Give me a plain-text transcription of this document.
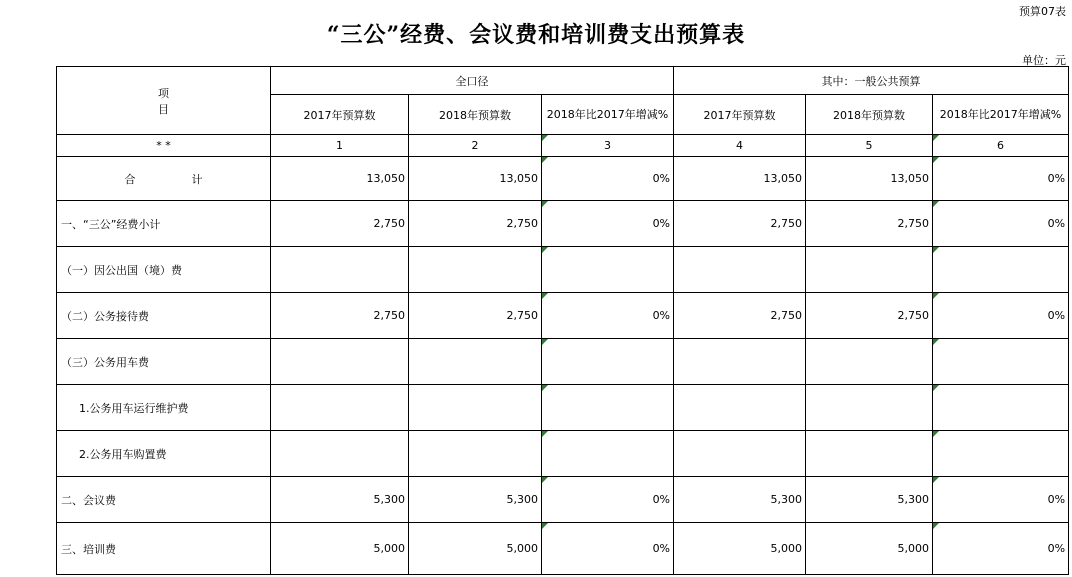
预算07表
“三公”经费、会议费和培训费支出预算表
单位：元
项
目	全口径			其中：一般公共预算		
	2017年预算数	2018年预算数	2018年比2017年增减%	2017年预算数	2018年预算数	2018年比2017年增减%
* *	1	2	3	4	5	6
合                计	13,050	13,050	0%	13,050	13,050	0%
一、“三公”经费小计	2,750	2,750	0%	2,750	2,750	0%
（一）因公出国（境）费						
（二）公务接待费	2,750	2,750	0%	2,750	2,750	0%
（三）公务用车费						
1.公务用车运行维护费						
2.公务用车购置费						
二、会议费	5,300	5,300	0%	5,300	5,300	0%
三、培训费	5,000	5,000	0%	5,000	5,000	0%
